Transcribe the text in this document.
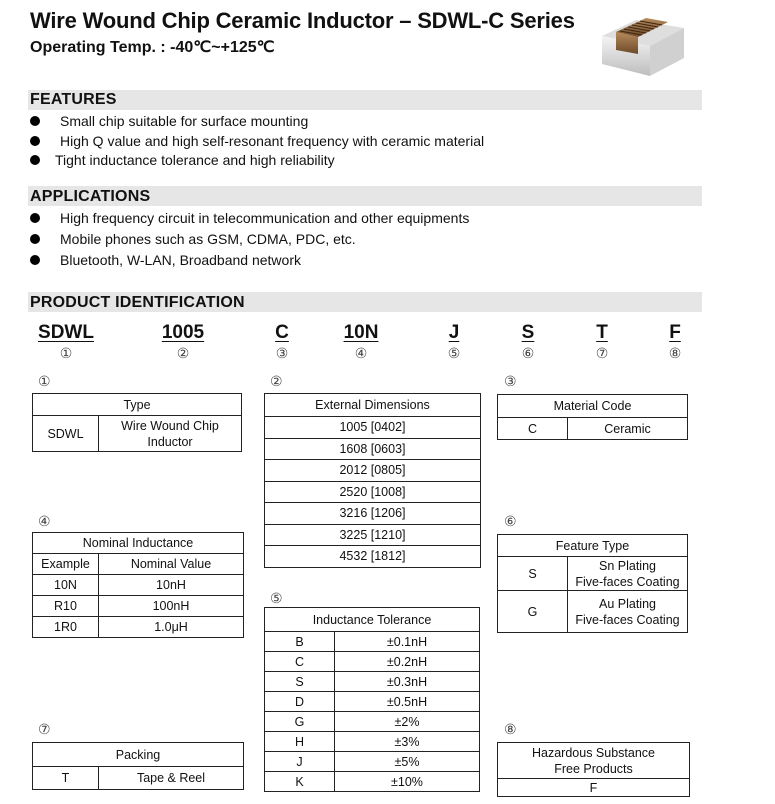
Wire Wound Chip Ceramic Inductor – SDWL-C Series
Operating Temp. : -40℃~+125℃
FEATURES
Small chip suitable for surface mounting
High Q value and high self-resonant frequency with ceramic material
Tight inductance tolerance and high reliability
APPLICATIONS
High frequency circuit in telecommunication and other equipments
Mobile phones such as GSM, CDMA, PDC, etc.
Bluetooth, W-LAN, Broadband network
PRODUCT IDENTIFICATION
SDWL
①
1005
②
C
③
10N
④
J
⑤
S
⑥
T
⑦
F
⑧
①
Type
SDWL	Wire Wound Chip Inductor
②
External Dimensions
1005 [0402]
1608 [0603]
2012 [0805]
2520 [1008]
3216 [1206]
3225 [1210]
4532 [1812]
③
Material Code
C	Ceramic
④
Nominal Inductance	
Example	Nominal Value
10N	10nH
R10	100nH
1R0	1.0μH
⑥
Feature Type	
S	Sn Plating
Five-faces Coating

G	Au Plating
Five-faces Coating
⑤
Inductance Tolerance	
B	±0.1nH
C	±0.2nH
S	±0.3nH
D	±0.5nH
G	±2%
H	±3%
J	±5%
K	±10%
⑦
Packing
T	Tape & Reel
⑧
Hazardous Substance
Free Products

F
